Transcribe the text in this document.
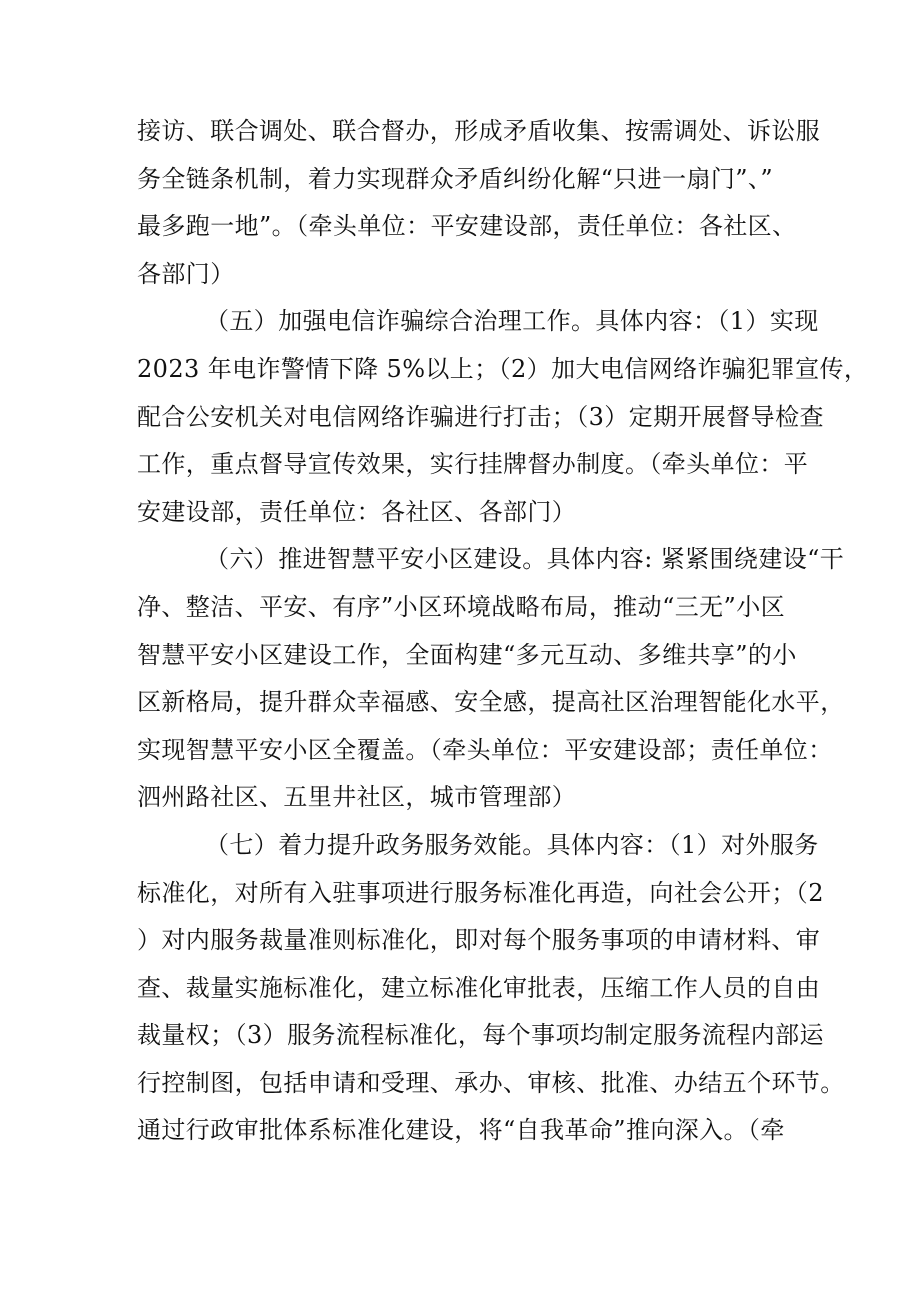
接访、联合调处、联合督办，形成矛盾收集、按需调处、诉讼服
务全链条机制，着力实现群众矛盾纠纷化解“只进一扇门”、”
最多跑一地”。（牵头单位：平安建设部，责任单位：各社区、
各部门）
（五）加强电信诈骗综合治理工作。具体内容：（1）实现
2023 年电诈警情下降 5%以上；（2）加大电信网络诈骗犯罪宣传，
配合公安机关对电信网络诈骗进行打击；（3）定期开展督导检查
工作，重点督导宣传效果，实行挂牌督办制度。（牵头单位：平
安建设部，责任单位：各社区、各部门）
（六）推进智慧平安小区建设。具体内容: 紧紧围绕建设“干
净、整洁、平安、有序”小区环境战略布局，推动“三无”小区
智慧平安小区建设工作，全面构建“多元互动、多维共享”的小
区新格局，提升群众幸福感、安全感，提高社区治理智能化水平，
实现智慧平安小区全覆盖。（牵头单位：平安建设部；责任单位：
泗州路社区、五里井社区，城市管理部）
（七）着力提升政务服务效能。具体内容：（1）对外服务
标准化，对所有入驻事项进行服务标准化再造，向社会公开；（2
）对内服务裁量准则标准化，即对每个服务事项的申请材料、审
查、裁量实施标准化，建立标准化审批表，压缩工作人员的自由
裁量权；（3）服务流程标准化，每个事项均制定服务流程内部运
行控制图，包括申请和受理、承办、审核、批准、办结五个环节。
通过行政审批体系标准化建设，将“自我革命”推向深入。（牵
